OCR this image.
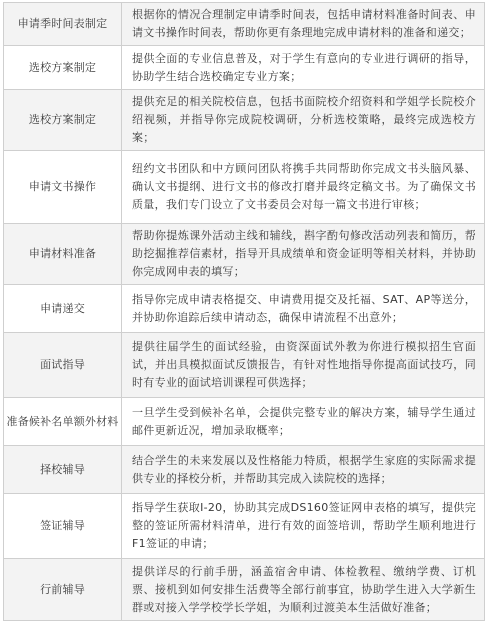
申请季时间表制定	根据你的情况合理制定申请季时间表，包括申请材料准备时间表、申请文书操作时间表，帮助你更有条理地完成申请材料的准备和递交；
选校方案制定	提供全面的专业信息普及，对于学生有意向的专业进行调研的指导，协助学生结合选校确定专业方案；
选校方案制定	提供充足的相关院校信息，包括书面院校介绍资料和学姐学长院校介绍视频，并指导你完成院校调研，分析选校策略，最终完成选校方案；
申请文书操作	纽约文书团队和中方顾问团队将携手共同帮助你完成文书头脑风暴、确认文书提纲、进行文书的修改打磨并最终定稿文书。为了确保文书质量，我们专门设立了文书委员会对每一篇文书进行审核；
申请材料准备	帮助你提炼课外活动主线和辅线，斟字酌句修改活动列表和简历，帮助挖掘推荐信素材，指导开具成绩单和资金证明等相关材料，并协助你完成网申表的填写；
申请递交	指导你完成申请表格提交、申请费用提交及托福、SAT、AP等送分，并协助你追踪后续申请动态，确保申请流程不出意外；
面试指导	提供往届学生的面试经验，由资深面试外教为你进行模拟招生官面试，并出具模拟面试反馈报告，有针对性地指导你提高面试技巧，同时有专业的面试培训课程可供选择；
准备候补名单额外材料	一旦学生受到候补名单，会提供完整专业的解决方案，辅导学生通过邮件更新近况，增加录取概率；
择校辅导	结合学生的未来发展以及性格能力特质，根据学生家庭的实际需求提供专业的择校分析，并帮助其完成入读院校的选择；
签证辅导	指导学生获取I-20，协助其完成DS160签证网申表格的填写，提供完整的签证所需材料清单，进行有效的面签培训，帮助学生顺利地进行F1签证的申请；
行前辅导	提供详尽的行前手册，涵盖宿舍申请、体检教程、缴纳学费、订机票、接机到如何安排生活费等全部行前事宜，协助学生进入大学新生群或对接入学学校学长学姐，为顺利过渡美本生活做好准备；
